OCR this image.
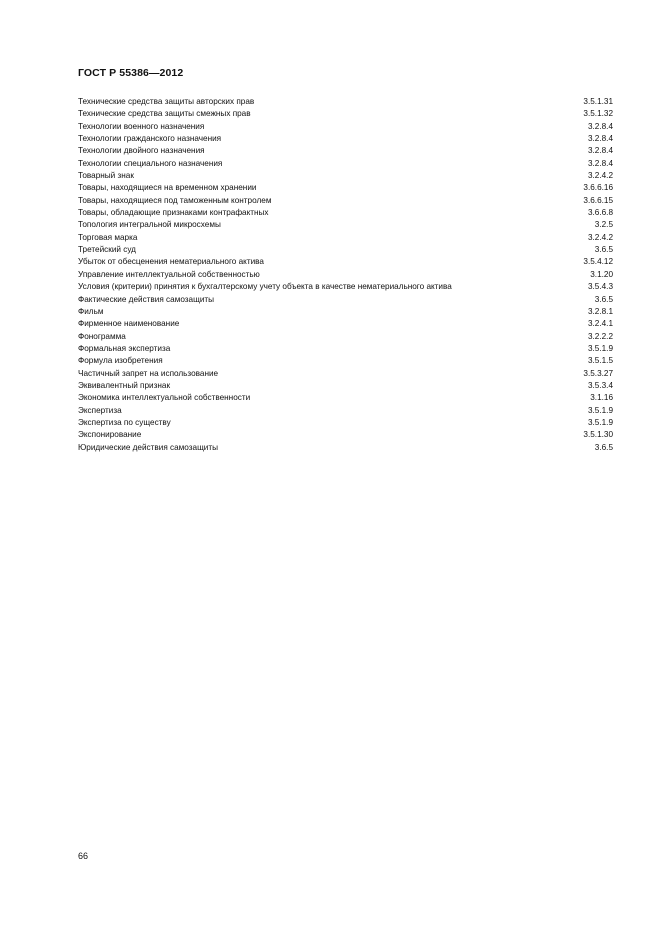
ГОСТ Р 55386—2012
Технические средства защиты авторских прав	3.5.1.31
Технические средства защиты смежных прав	3.5.1.32
Технологии военного назначения	3.2.8.4
Технологии гражданского назначения	3.2.8.4
Технологии двойного назначения	3.2.8.4
Технологии специального назначения	3.2.8.4
Товарный знак	3.2.4.2
Товары, находящиеся на временном хранении	3.6.6.16
Товары, находящиеся под таможенным контролем	3.6.6.15
Товары, обладающие признаками контрафактных	3.6.6.8
Топология интегральной микросхемы	3.2.5
Торговая марка	3.2.4.2
Третейский суд	3.6.5
Убыток от обесценения нематериального актива	3.5.4.12
Управление интеллектуальной собственностью	3.1.20
Условия (критерии) принятия к бухгалтерскому учету объекта в качестве нематериального актива	3.5.4.3
Фактические действия самозащиты	3.6.5
Фильм	3.2.8.1
Фирменное наименование	3.2.4.1
Фонограмма	3.2.2.2
Формальная экспертиза	3.5.1.9
Формула изобретения	3.5.1.5
Частичный запрет на использование	3.5.3.27
Эквивалентный признак	3.5.3.4
Экономика интеллектуальной собственности	3.1.16
Экспертиза	3.5.1.9
Экспертиза по существу	3.5.1.9
Экспонирование	3.5.1.30
Юридические действия самозащиты	3.6.5
66
